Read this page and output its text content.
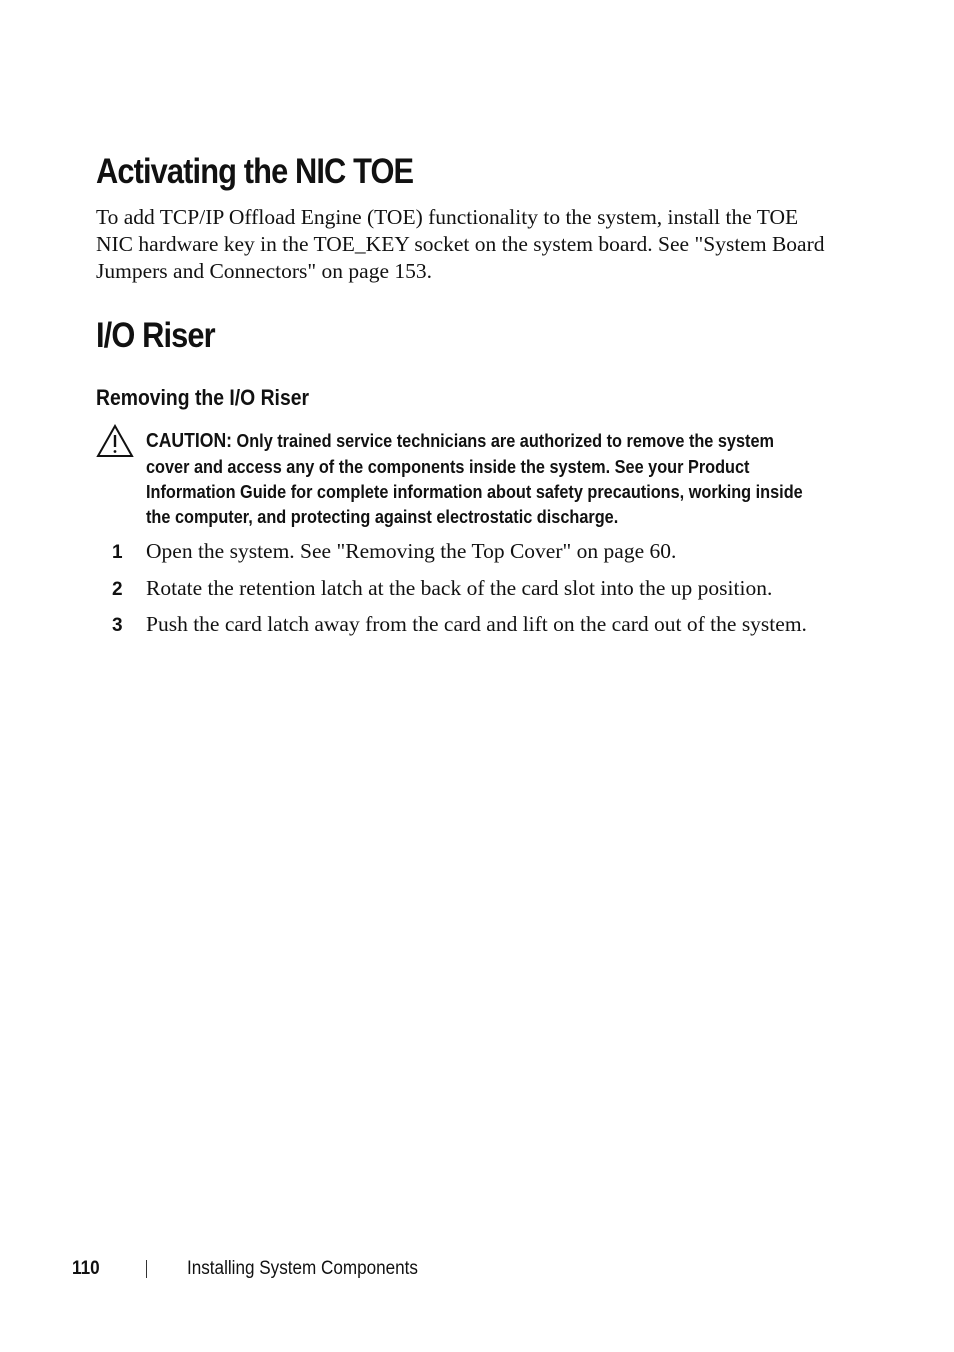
Activating the NIC TOE

To add TCP/IP Offload Engine (TOE) functionality to the system, install the TOE NIC hardware key in the TOE_KEY socket on the system board. See "System Board Jumpers and Connectors" on page 153.

I/O Riser
Removing the I/O Riser

CAUTION: Only trained service technicians are authorized to remove the system cover and access any of the components inside the system. See your Product Information Guide for complete information about safety precautions, working inside the computer, and protecting against electrostatic discharge.

1 Open the system. See "Removing the Top Cover" on page 60.
2 Rotate the retention latch at the back of the card slot into the up position.
3 Push the card latch away from the card and lift on the card out of the system.
110	Installing System Components
